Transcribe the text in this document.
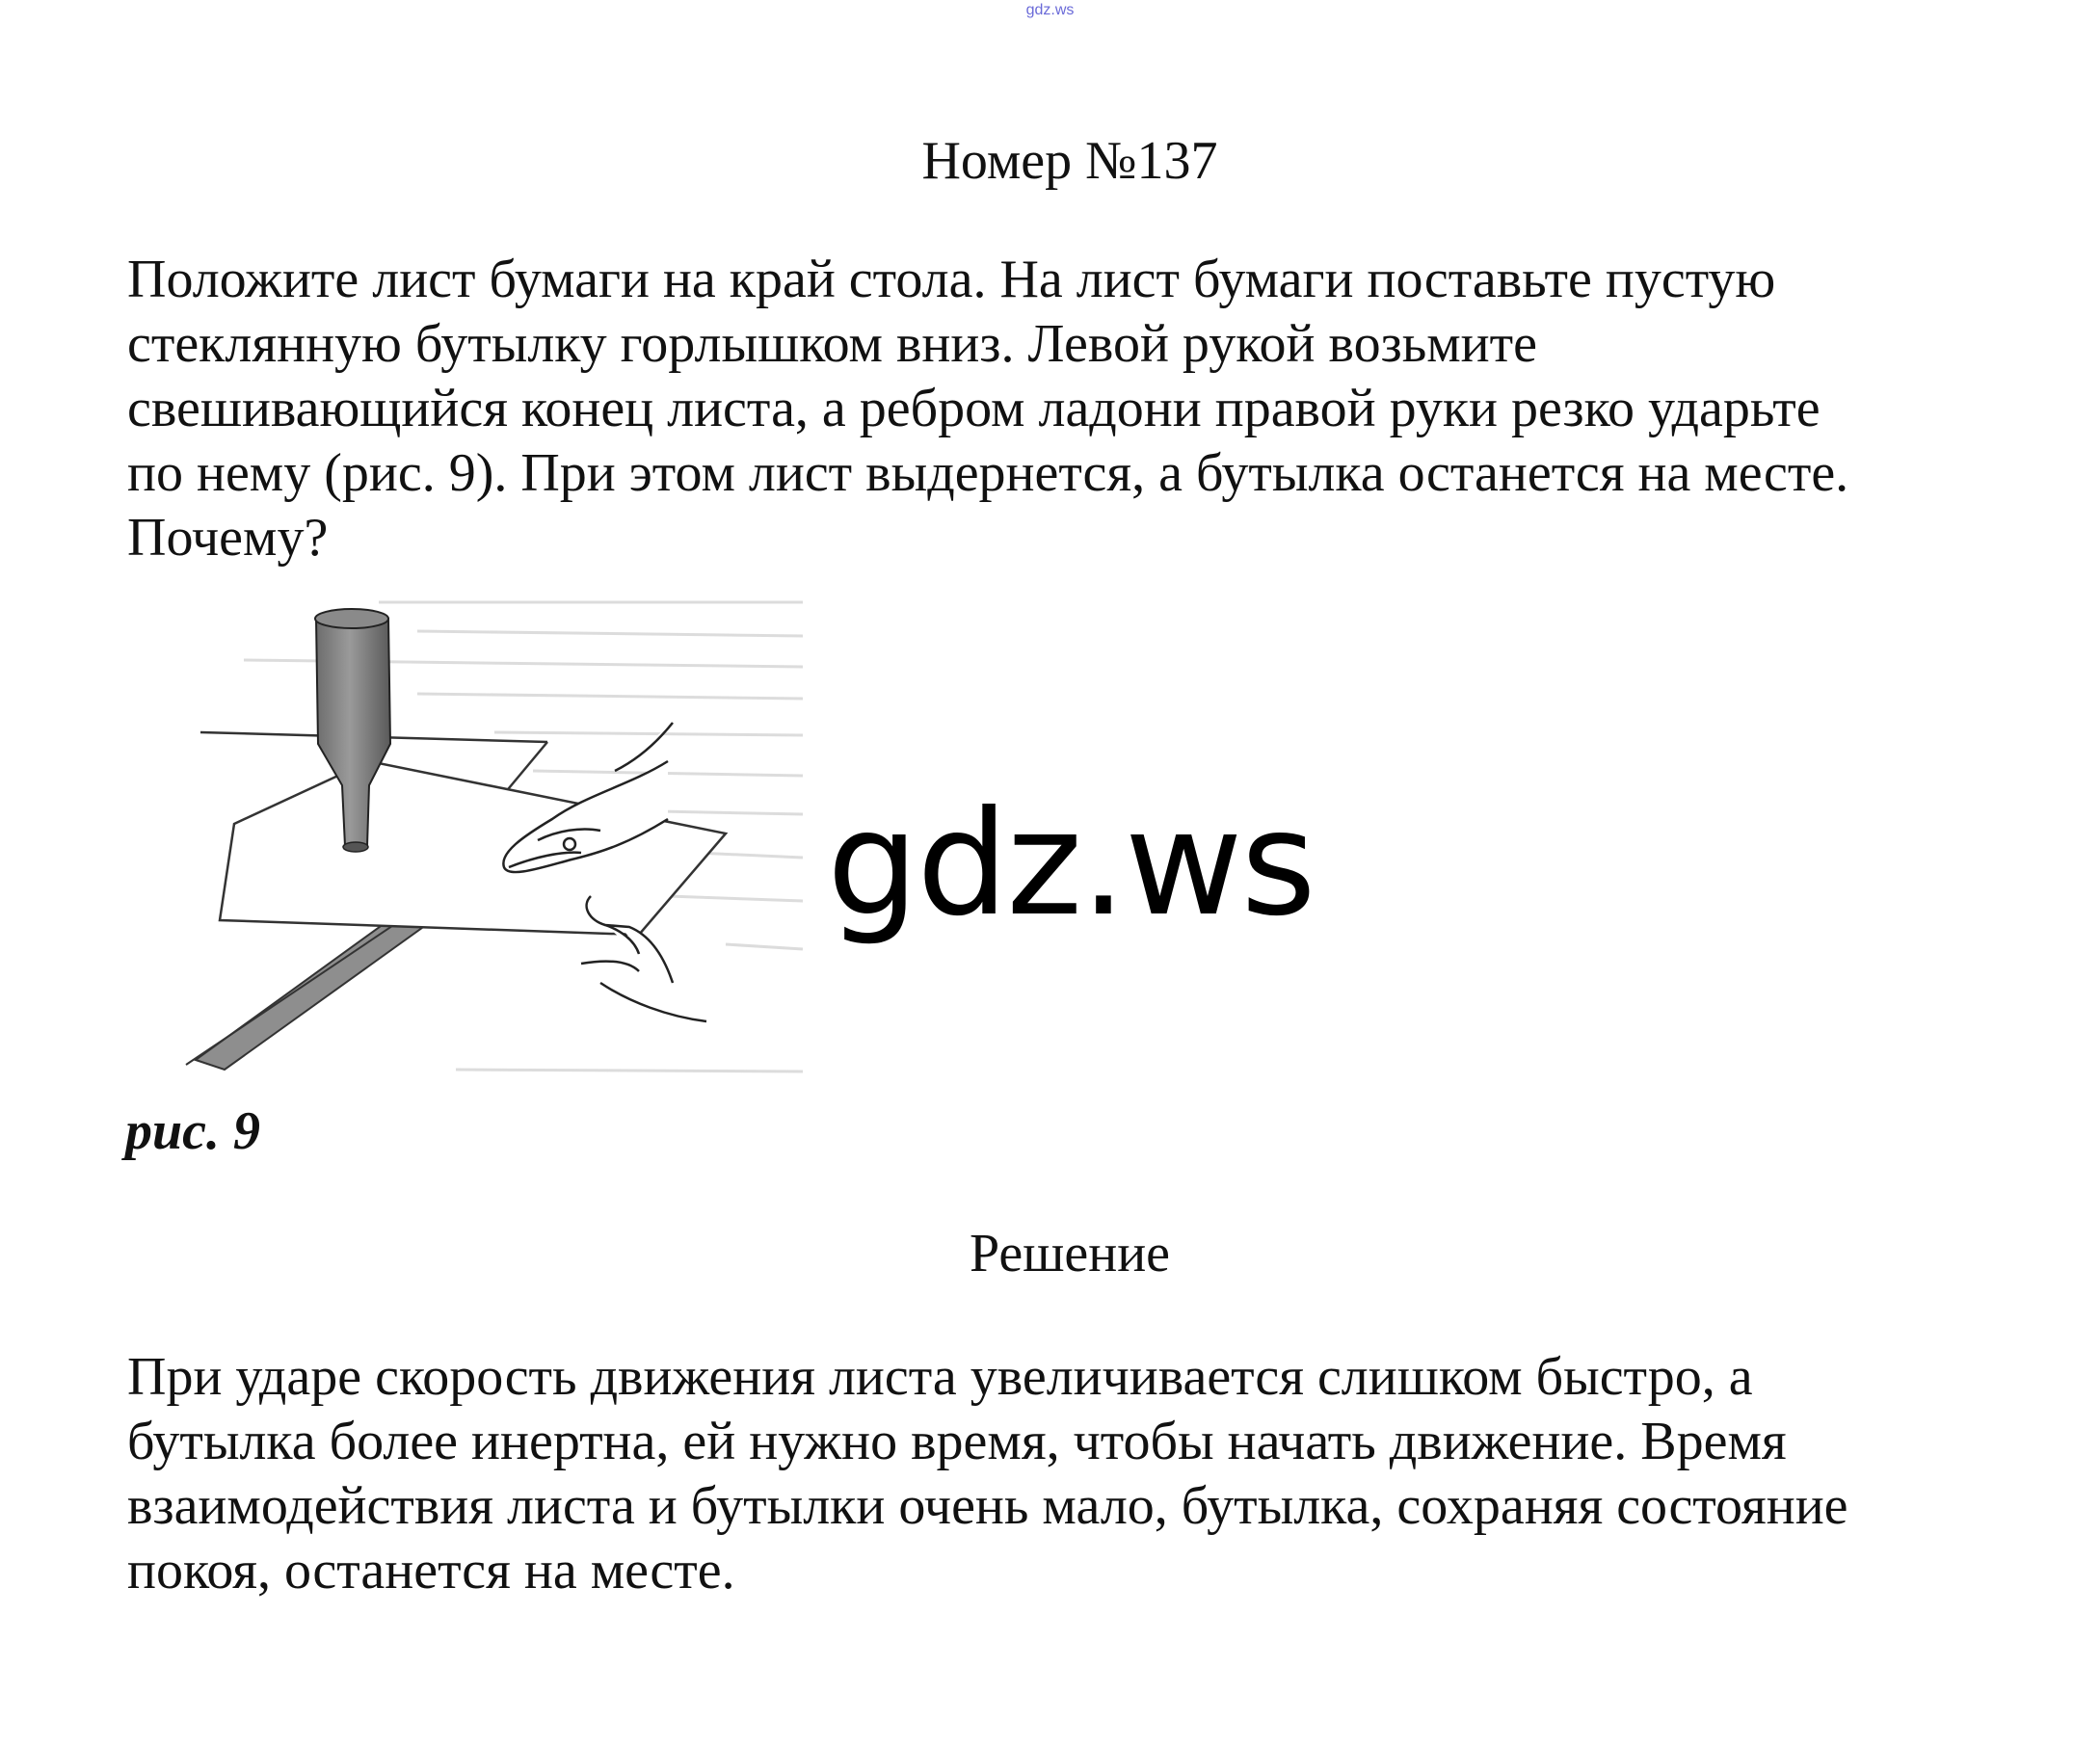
gdz.ws
Номер №137

Положите лист бумаги на край стола. На лист бумаги поставьте пустую
стеклянную бутылку горлышком вниз. Левой рукой возьмите
свешивающийся конец листа, а ребром ладони правой руки резко ударьте
по нему (рис. 9). При этом лист выдернется, а бутылка останется на месте.
Почему?

рис. 9

Решение

При ударе скорость движения листа увеличивается слишком быстро, а
бутылка более инертна, ей нужно время, чтобы начать движение. Время
взаимодействия листа и бутылки очень мало, бутылка, сохраняя состояние
покоя, останется на месте.

gdz.ws
